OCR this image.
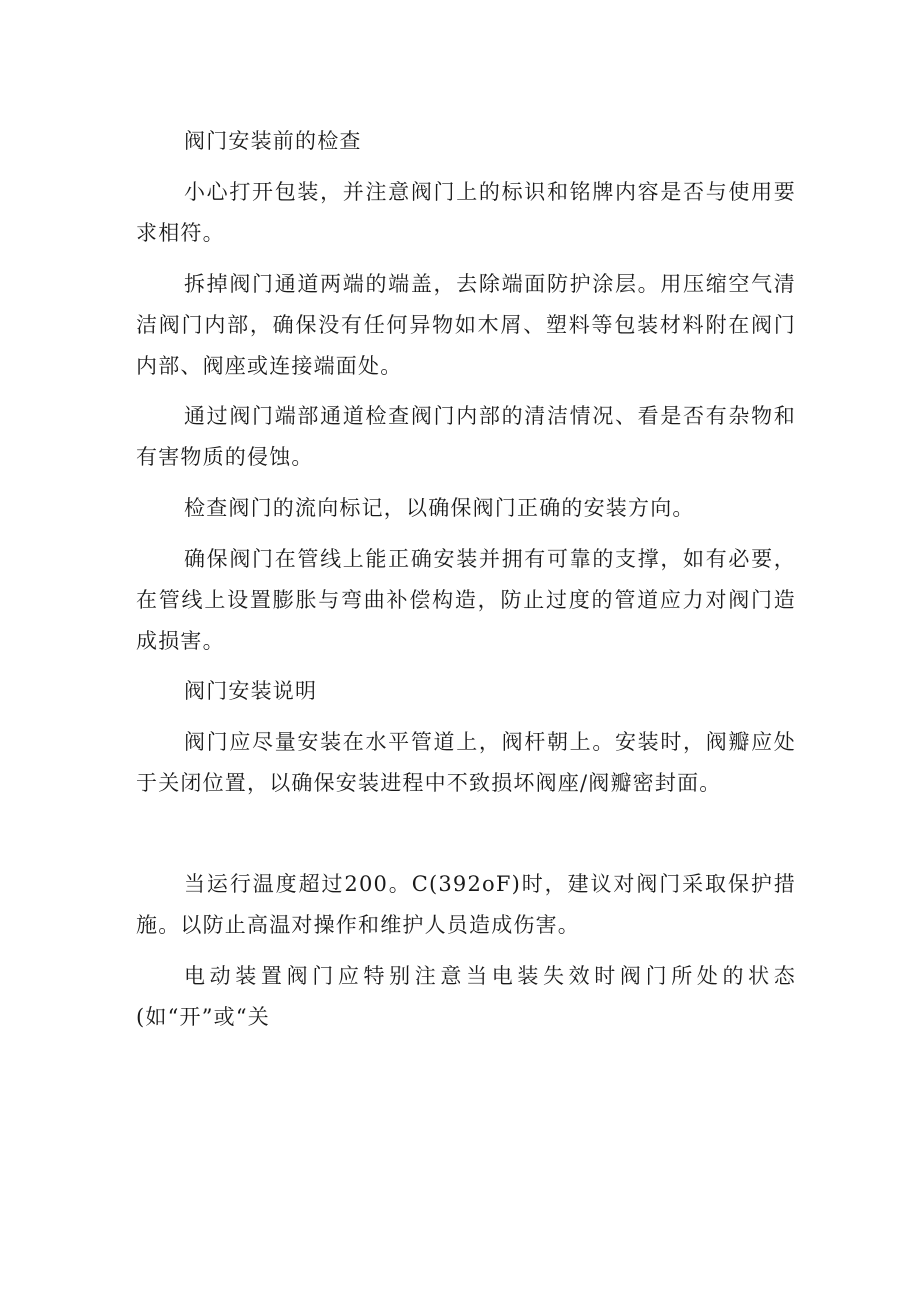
阀门安装前的检查

小心打开包装，并注意阀门上的标识和铭牌内容是否与使用要求相符。

拆掉阀门通道两端的端盖，去除端面防护涂层。用压缩空气清洁阀门内部，确保没有任何异物如木屑、塑料等包装材料附在阀门内部、阀座或连接端面处。

通过阀门端部通道检查阀门内部的清洁情况、看是否有杂物和有害物质的侵蚀。

检查阀门的流向标记，以确保阀门正确的安装方向。

确保阀门在管线上能正确安装并拥有可靠的支撑，如有必要，在管线上设置膨胀与弯曲补偿构造，防止过度的管道应力对阀门造成损害。

阀门安装说明

阀门应尽量安装在水平管道上，阀杆朝上。安装时，阀瓣应处于关闭位置，以确保安装进程中不致损坏阀座/阀瓣密封面。

当运行温度超过200。C(392oF)时，建议对阀门采取保护措施。以防止高温对操作和维护人员造成伤害。

电动装置阀门应特别注意当电装失效时阀门所处的状态(如“开”或“关
